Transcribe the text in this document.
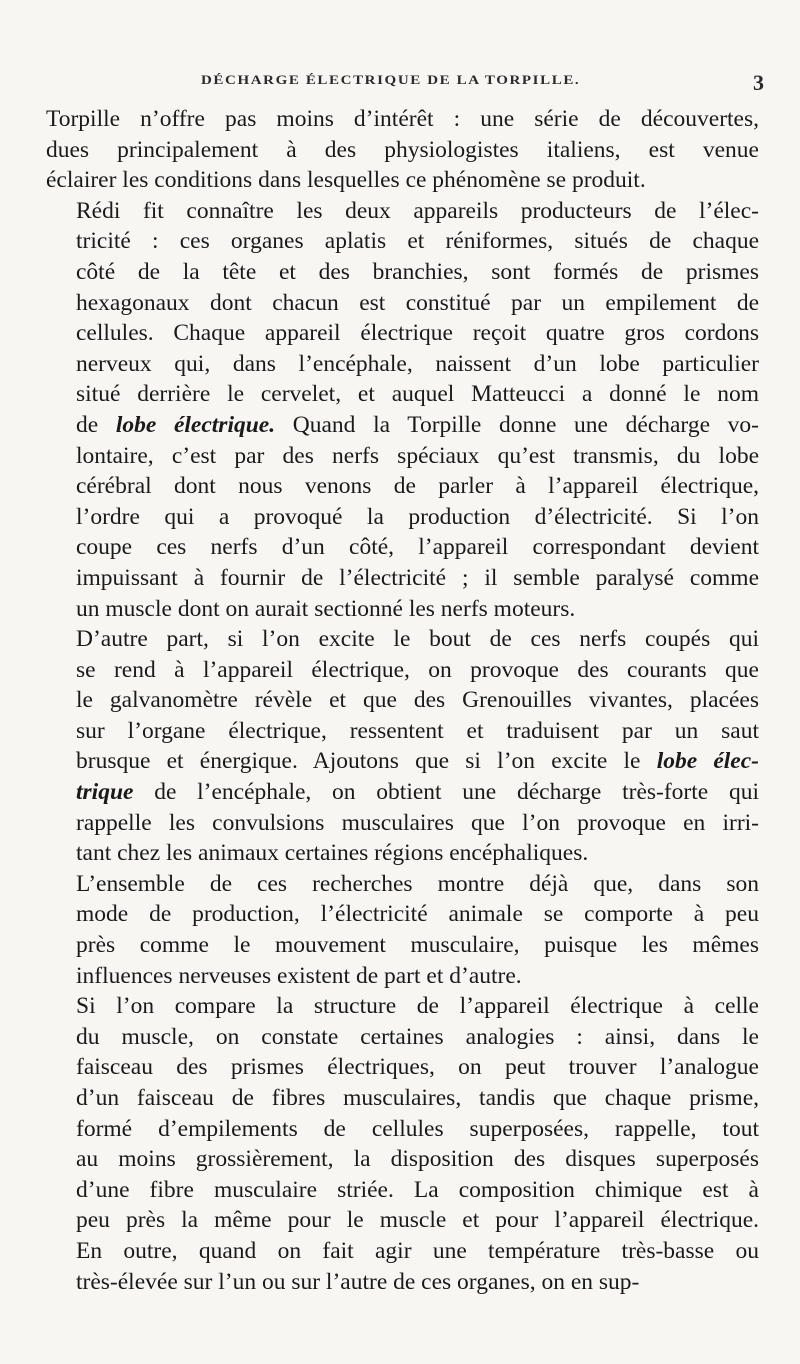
DÉCHARGE ÉLECTRIQUE DE LA TORPILLE.	3
Torpille n’offre pas moins d’intérêt : une série de découvertes,
dues principalement à des physiologistes italiens, est venue
éclairer les conditions dans lesquelles ce phénomène se produit.
Rédi fit connaître les deux appareils producteurs de l’élec-
tricité : ces organes aplatis et réniformes, situés de chaque
côté de la tête et des branchies, sont formés de prismes
hexagonaux dont chacun est constitué par un empilement de
cellules. Chaque appareil électrique reçoit quatre gros cordons
nerveux qui, dans l’encéphale, naissent d’un lobe particulier
situé derrière le cervelet, et auquel Matteucci a donné le nom
de lobe électrique. Quand la Torpille donne une décharge vo-
lontaire, c’est par des nerfs spéciaux qu’est transmis, du lobe
cérébral dont nous venons de parler à l’appareil électrique,
l’ordre qui a provoqué la production d’électricité. Si l’on
coupe ces nerfs d’un côté, l’appareil correspondant devient
impuissant à fournir de l’électricité ; il semble paralysé comme
un muscle dont on aurait sectionné les nerfs moteurs.
D’autre part, si l’on excite le bout de ces nerfs coupés qui
se rend à l’appareil électrique, on provoque des courants que
le galvanomètre révèle et que des Grenouilles vivantes, placées
sur l’organe électrique, ressentent et traduisent par un saut
brusque et énergique. Ajoutons que si l’on excite le lobe élec-
trique de l’encéphale, on obtient une décharge très-forte qui
rappelle les convulsions musculaires que l’on provoque en irri-
tant chez les animaux certaines régions encéphaliques.
L’ensemble de ces recherches montre déjà que, dans son
mode de production, l’électricité animale se comporte à peu
près comme le mouvement musculaire, puisque les mêmes
influences nerveuses existent de part et d’autre.
Si l’on compare la structure de l’appareil électrique à celle
du muscle, on constate certaines analogies : ainsi, dans le
faisceau des prismes électriques, on peut trouver l’analogue
d’un faisceau de fibres musculaires, tandis que chaque prisme,
formé d’empilements de cellules superposées, rappelle, tout
au moins grossièrement, la disposition des disques superposés
d’une fibre musculaire striée. La composition chimique est à
peu près la même pour le muscle et pour l’appareil électrique.
En outre, quand on fait agir une température très-basse ou
très-élevée sur l’un ou sur l’autre de ces organes, on en sup-
